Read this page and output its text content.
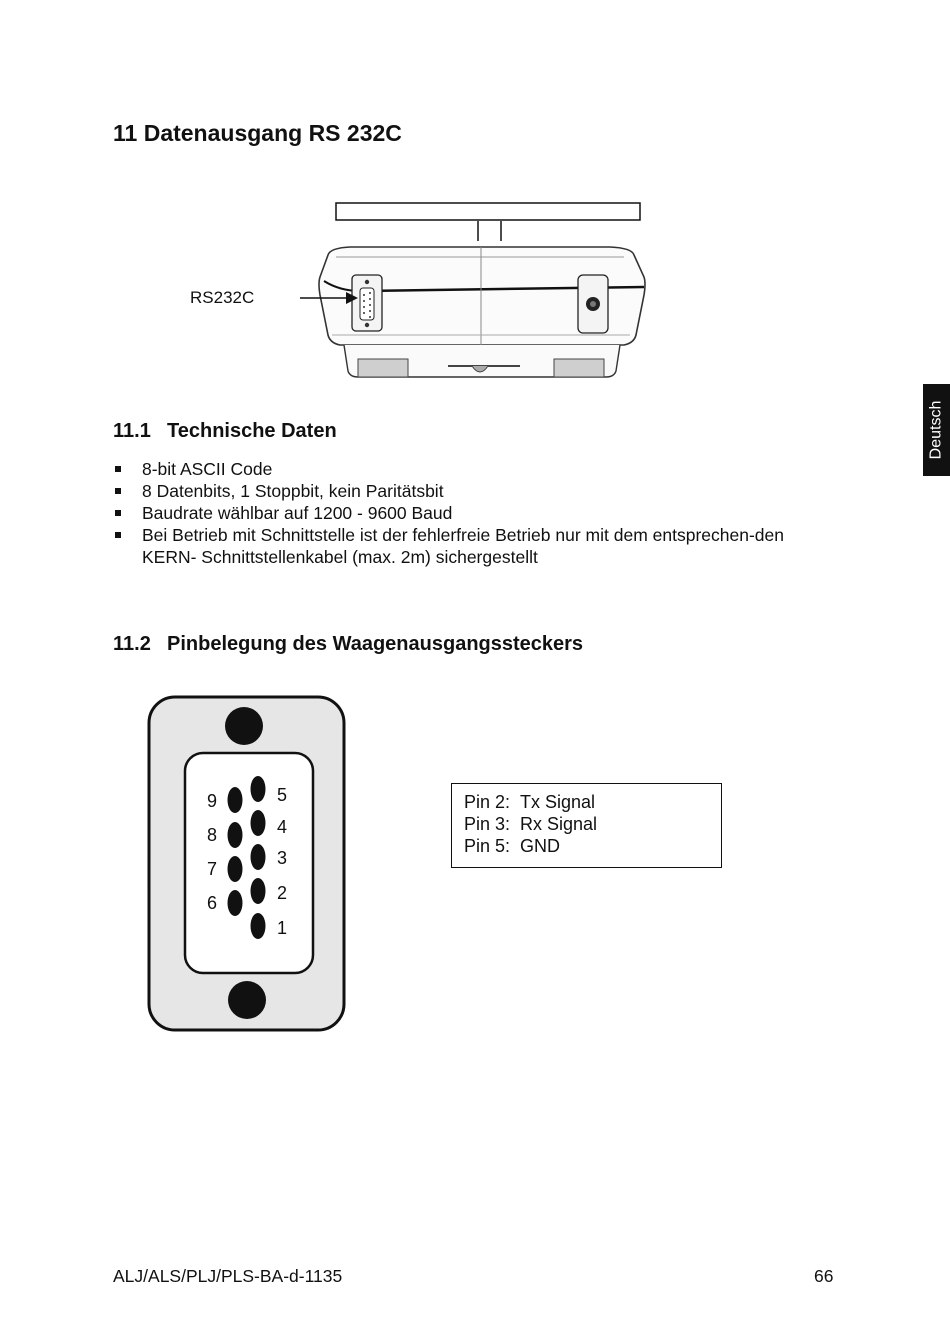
11 Datenausgang RS 232C
RS232C
11.1 Technische Daten
8-bit ASCII Code
8 Datenbits, 1 Stoppbit, kein Paritätsbit
Baudrate wählbar auf 1200 - 9600 Baud
Bei Betrieb mit Schnittstelle ist der fehlerfreie Betrieb nur mit dem entsprechen-den KERN- Schnittstellenkabel (max. 2m) sichergestellt
11.2 Pinbelegung des Waagenausgangssteckers
9
8
7
6
5
4
3
2
1
Pin 2: Tx Signal
Pin 3: Rx Signal
Pin 5: GND
Deutsch
ALJ/ALS/PLJ/PLS-BA-d-1135	66
